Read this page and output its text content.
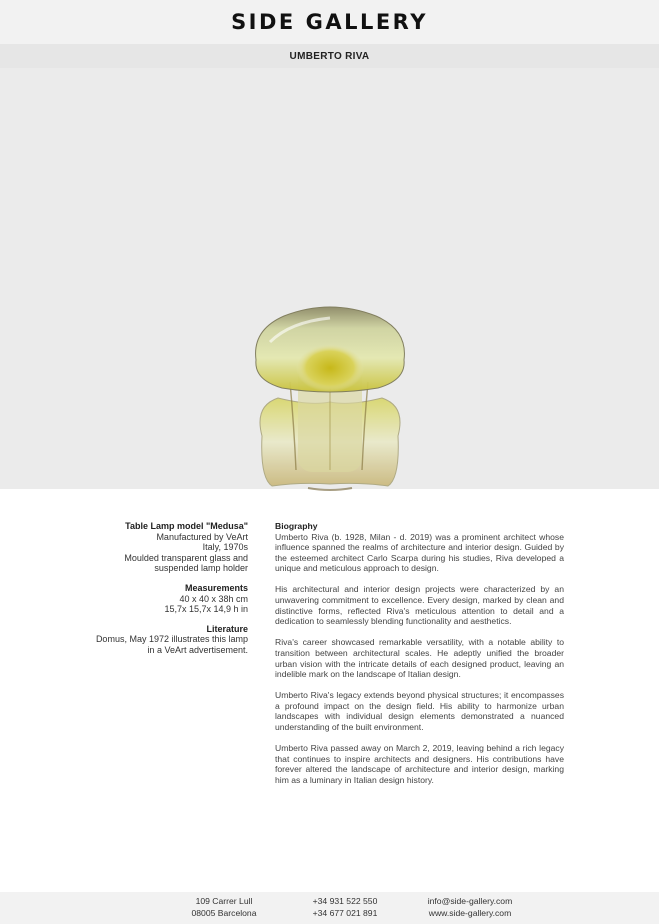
SIDE GALLERY
UMBERTO RIVA
Table Lamp model "Medusa"
Manufactured by VeArt
Italy, 1970s
Moulded transparent glass and
suspended lamp holder
Measurements
40 x 40 x 38h cm
15,7x 15,7x 14,9 h in
Literature
Domus, May 1972 illustrates this lamp
in a VeArt advertisement.
Biography

Umberto Riva (b. 1928, Milan - d. 2019) was a prominent architect whose influence spanned the realms of architecture and interior design. Guided by the esteemed architect Carlo Scarpa during his studies, Riva developed a unique and meticulous approach to design.

His architectural and interior design projects were characterized by an unwavering commitment to excellence. Every design, marked by clean and distinctive forms, reflected Riva's meticulous attention to detail and a dedication to seamlessly blending functionality and aesthetics.

Riva's career showcased remarkable versatility, with a notable ability to transition between architectural scales. He adeptly unified the broader urban vision with the intricate details of each designed product, leaving an indelible mark on the landscape of Italian design.

Umberto Riva's legacy extends beyond physical structures; it encompasses a profound impact on the design field. His ability to harmonize urban landscapes with individual design elements demonstrated a nuanced understanding of the built environment.

Umberto Riva passed away on March 2, 2019, leaving behind a rich legacy that continues to inspire architects and designers. His contributions have forever altered the landscape of architecture and interior design, marking him as a luminary in Italian design history.

109 Carrer Lull
08005 Barcelona
+34 931 522 550
+34 677 021 891
info@side-gallery.com
www.side-gallery.com
